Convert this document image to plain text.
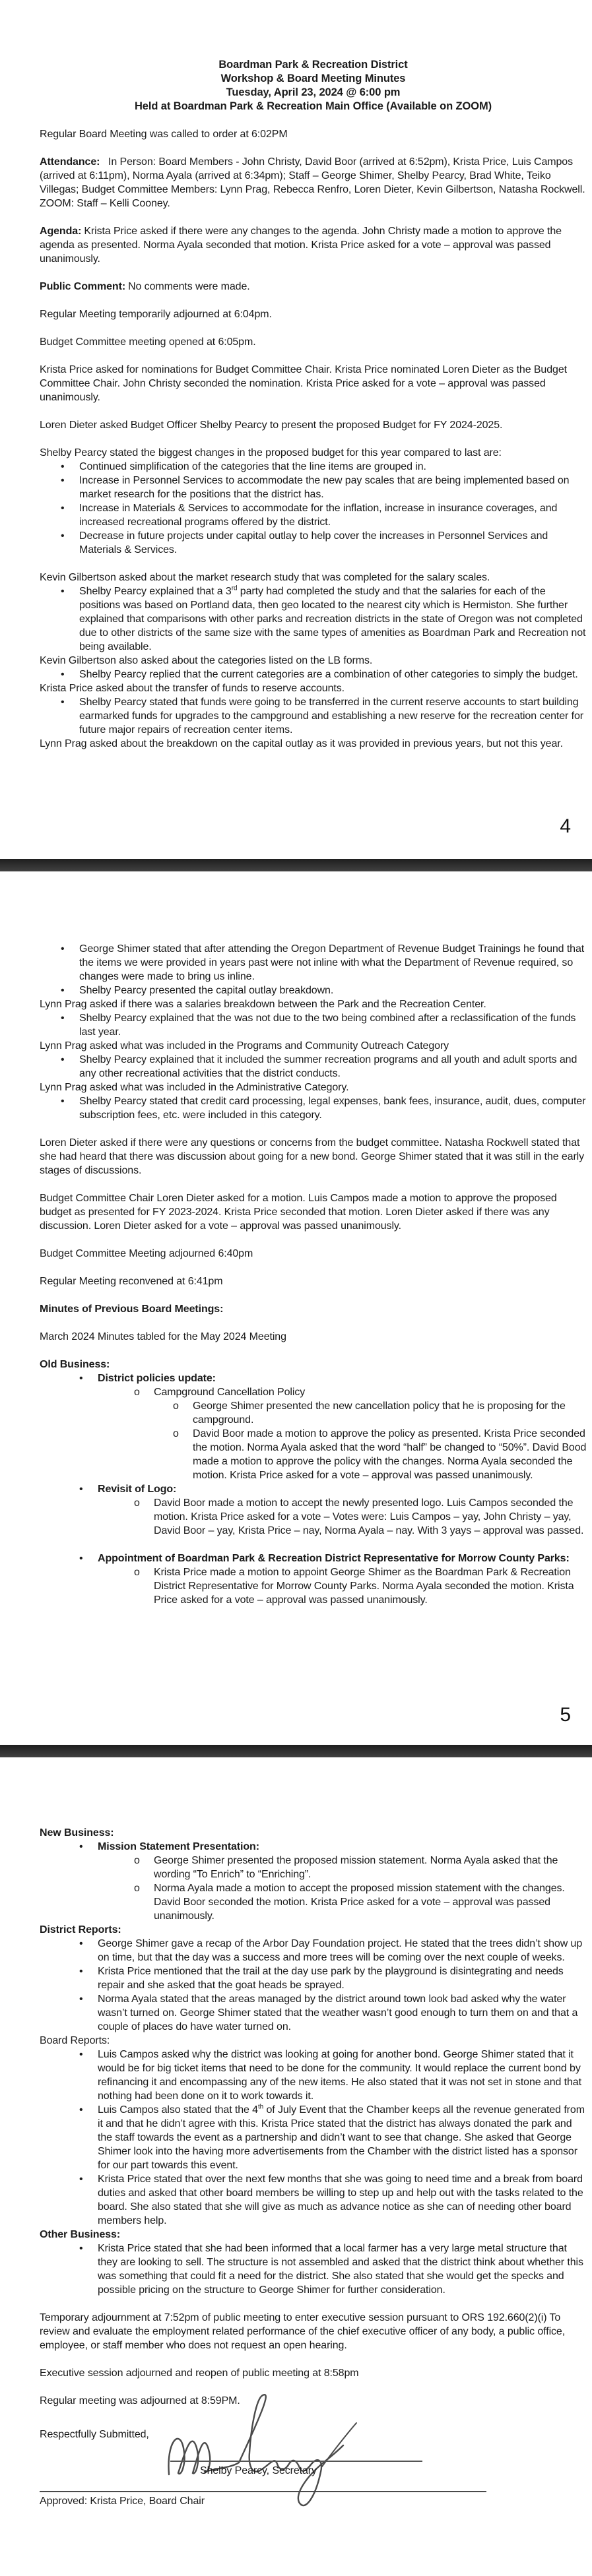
Boardman Park & Recreation District
Workshop & Board Meeting Minutes
Tuesday, April 23, 2024 @ 6:00 pm
Held at Boardman Park & Recreation Main Office (Available on ZOOM)
Regular Board Meeting was called to order at 6:02PM
Attendance:  In Person: Board Members - John Christy, David Boor (arrived at 6:52pm), Krista Price, Luis Campos (arrived at 6:11pm), Norma Ayala (arrived at 6:34pm); Staff – George Shimer, Shelby Pearcy, Brad White, Teiko Villegas; Budget Committee Members: Lynn Prag, Rebecca Renfro, Loren Dieter, Kevin Gilbertson, Natasha Rockwell. ZOOM: Staff – Kelli Cooney.
Agenda: Krista Price asked if there were any changes to the agenda. John Christy made a motion to approve the agenda as presented. Norma Ayala seconded that motion. Krista Price asked for a vote – approval was passed unanimously.
Public Comment: No comments were made.
Regular Meeting temporarily adjourned at 6:04pm.
Budget Committee meeting opened at 6:05pm.
Krista Price asked for nominations for Budget Committee Chair. Krista Price nominated Loren Dieter as the Budget Committee Chair. John Christy seconded the nomination. Krista Price asked for a vote – approval was passed unanimously.
Loren Dieter asked Budget Officer Shelby Pearcy to present the proposed Budget for FY 2024-2025.
Shelby Pearcy stated the biggest changes in the proposed budget for this year compared to last are:
• Continued simplification of the categories that the line items are grouped in.
• Increase in Personnel Services to accommodate the new pay scales that are being implemented based on market research for the positions that the district has.
• Increase in Materials & Services to accommodate for the inflation, increase in insurance coverages, and increased recreational programs offered by the district.
• Decrease in future projects under capital outlay to help cover the increases in Personnel Services and Materials & Services.
Kevin Gilbertson asked about the market research study that was completed for the salary scales.
• Shelby Pearcy explained that a 3rd party had completed the study and that the salaries for each of the positions was based on Portland data, then geo located to the nearest city which is Hermiston. She further explained that comparisons with other parks and recreation districts in the state of Oregon was not completed due to other districts of the same size with the same types of amenities as Boardman Park and Recreation not being available.
Kevin Gilbertson also asked about the categories listed on the LB forms.
• Shelby Pearcy replied that the current categories are a combination of other categories to simply the budget.
Krista Price asked about the transfer of funds to reserve accounts.
• Shelby Pearcy stated that funds were going to be transferred in the current reserve accounts to start building earmarked funds for upgrades to the campground and establishing a new reserve for the recreation center for future major repairs of recreation center items.
Lynn Prag asked about the breakdown on the capital outlay as it was provided in previous years, but not this year.
4
• George Shimer stated that after attending the Oregon Department of Revenue Budget Trainings he found that the items we were provided in years past were not inline with what the Department of Revenue required, so changes were made to bring us inline.
• Shelby Pearcy presented the capital outlay breakdown.
Lynn Prag asked if there was a salaries breakdown between the Park and the Recreation Center.
• Shelby Pearcy explained that the was not due to the two being combined after a reclassification of the funds last year.
Lynn Prag asked what was included in the Programs and Community Outreach Category
• Shelby Pearcy explained that it included the summer recreation programs and all youth and adult sports and any other recreational activities that the district conducts.
Lynn Prag asked what was included in the Administrative Category.
• Shelby Pearcy stated that credit card processing, legal expenses, bank fees, insurance, audit, dues, computer subscription fees, etc. were included in this category.
Loren Dieter asked if there were any questions or concerns from the budget committee. Natasha Rockwell stated that she had heard that there was discussion about going for a new bond. George Shimer stated that it was still in the early stages of discussions.
Budget Committee Chair Loren Dieter asked for a motion. Luis Campos made a motion to approve the proposed budget as presented for FY 2023-2024. Krista Price seconded that motion. Loren Dieter asked if there was any discussion. Loren Dieter asked for a vote – approval was passed unanimously.
Budget Committee Meeting adjourned 6:40pm
Regular Meeting reconvened at 6:41pm
Minutes of Previous Board Meetings:
March 2024 Minutes tabled for the May 2024 Meeting
Old Business:
• District policies update:
o Campground Cancellation Policy
o George Shimer presented the new cancellation policy that he is proposing for the campground.
o David Boor made a motion to approve the policy as presented. Krista Price seconded the motion. Norma Ayala asked that the word “half” be changed to “50%”. David Bood made a motion to approve the policy with the changes. Norma Ayala seconded the motion. Krista Price asked for a vote – approval was passed unanimously.
• Revisit of Logo:
o David Boor made a motion to accept the newly presented logo. Luis Campos seconded the motion. Krista Price asked for a vote – Votes were: Luis Campos – yay, John Christy – yay, David Boor – yay, Krista Price – nay, Norma Ayala – nay. With 3 yays – approval was passed.
• Appointment of Boardman Park & Recreation District Representative for Morrow County Parks:
o Krista Price made a motion to appoint George Shimer as the Boardman Park & Recreation District Representative for Morrow County Parks. Norma Ayala seconded the motion. Krista Price asked for a vote – approval was passed unanimously.
5
New Business:
• Mission Statement Presentation:
o George Shimer presented the proposed mission statement. Norma Ayala asked that the wording “To Enrich” to “Enriching”.
o Norma Ayala made a motion to accept the proposed mission statement with the changes. David Boor seconded the motion. Krista Price asked for a vote – approval was passed unanimously.
District Reports:
• George Shimer gave a recap of the Arbor Day Foundation project. He stated that the trees didn’t show up on time, but that the day was a success and more trees will be coming over the next couple of weeks.
• Krista Price mentioned that the trail at the day use park by the playground is disintegrating and needs repair and she asked that the goat heads be sprayed.
• Norma Ayala stated that the areas managed by the district around town look bad asked why the water wasn’t turned on. George Shimer stated that the weather wasn’t good enough to turn them on and that a couple of places do have water turned on.
Board Reports:
• Luis Campos asked why the district was looking at going for another bond. George Shimer stated that it would be for big ticket items that need to be done for the community. It would replace the current bond by refinancing it and encompassing any of the new items. He also stated that it was not set in stone and that nothing had been done on it to work towards it.
• Luis Campos also stated that the 4th of July Event that the Chamber keeps all the revenue generated from it and that he didn’t agree with this. Krista Price stated that the district has always donated the park and the staff towards the event as a partnership and didn’t want to see that change. She asked that George Shimer look into the having more advertisements from the Chamber with the district listed has a sponsor for our part towards this event.
• Krista Price stated that over the next few months that she was going to need time and a break from board duties and asked that other board members be willing to step up and help out with the tasks related to the board. She also stated that she will give as much as advance notice as she can of needing other board members help.
Other Business:
• Krista Price stated that she had been informed that a local farmer has a very large metal structure that they are looking to sell. The structure is not assembled and asked that the district think about whether this was something that could fit a need for the district. She also stated that she would get the specks and possible pricing on the structure to George Shimer for further consideration.
Temporary adjournment at 7:52pm of public meeting to enter executive session pursuant to ORS 192.660(2)(i) To review and evaluate the employment related performance of the chief executive officer of any body, a public office, employee, or staff member who does not request an open hearing.
Executive session adjourned and reopen of public meeting at 8:58pm
Regular meeting was adjourned at 8:59PM.
Respectfully Submitted,
Shelby Pearcy, Secretary
Approved: Krista Price, Board Chair
